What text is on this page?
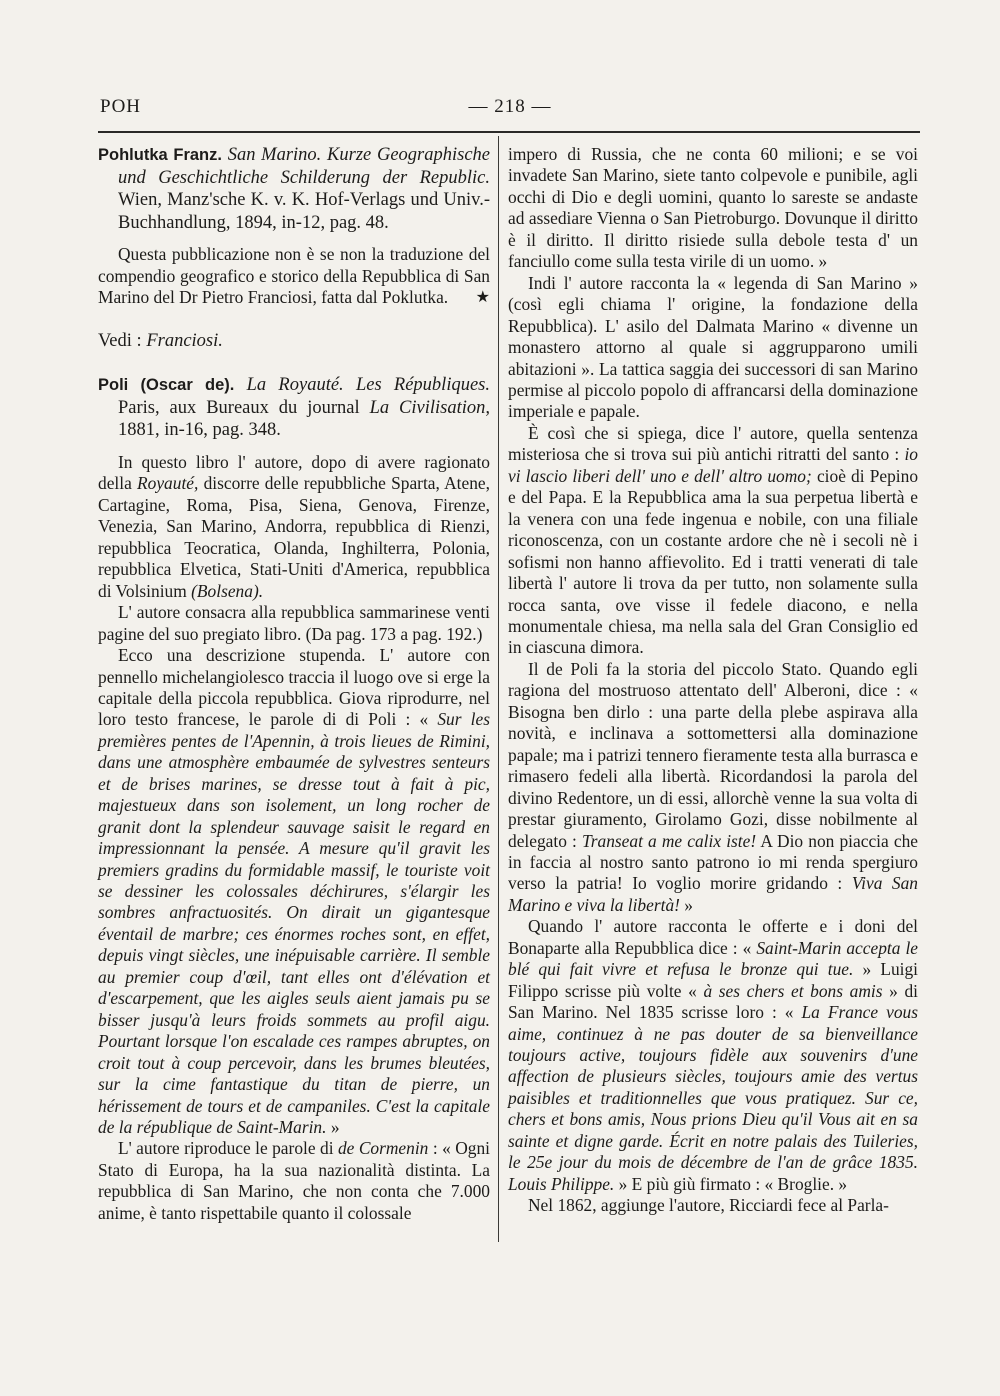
POH	— 218 —

Pohlutka Franz. San Marino. Kurze Geographische und Geschichtliche Schilderung der Republic. Wien, Manz'sche K. v. K. Hof-Verlags und Univ.-Buchhandlung, 1894, in-12, pag. 48.

Questa pubblicazione non è se non la traduzione del compendio geografico e storico della Repubblica di San Marino del Dr Pietro Franciosi, fatta dal Poklutka.	★

Vedi : Franciosi.

Poli (Oscar de). La Royauté. Les Républiques. Paris, aux Bureaux du journal La Civilisation, 1881, in-16, pag. 348.

In questo libro l' autore, dopo di avere ragionato della Royauté, discorre delle repubbliche Sparta, Atene, Cartagine, Roma, Pisa, Siena, Genova, Firenze, Venezia, San Marino, Andorra, repubblica di Rienzi, repubblica Teocratica, Olanda, Inghilterra, Polonia, repubblica Elvetica, Stati-Uniti d'America, repubblica di Volsinium (Bolsena).

L' autore consacra alla repubblica sammarinese venti pagine del suo pregiato libro. (Da pag. 173 a pag. 192.)

Ecco una descrizione stupenda. L' autore con pennello michelangiolesco traccia il luogo ove si erge la capitale della piccola repubblica. Giova riprodurre, nel loro testo francese, le parole di di Poli : « Sur les premières pentes de l'Apennin, à trois lieues de Rimini, dans une atmosphère embaumée de sylvestres senteurs et de brises marines, se dresse tout à fait à pic, majestueux dans son isolement, un long rocher de granit dont la splendeur sauvage saisit le regard en impressionnant la pensée. A mesure qu'il gravit les premiers gradins du formidable massif, le touriste voit se dessiner les colossales déchirures, s'élargir les sombres anfractuosités. On dirait un gigantesque éventail de marbre; ces énormes roches sont, en effet, depuis vingt siècles, une inépuisable carrière. Il semble au premier coup d'œil, tant elles ont d'élévation et d'escarpement, que les aigles seuls aient jamais pu se bisser jusqu'à leurs froids sommets au profil aigu. Pourtant lorsque l'on escalade ces rampes abruptes, on croit tout à coup percevoir, dans les brumes bleutées, sur la cime fantastique du titan de pierre, un hérissement de tours et de campaniles. C'est la capitale de la république de Saint-Marin. »

L' autore riproduce le parole di de Cormenin : « Ogni Stato di Europa, ha la sua nazionalità distinta. La repubblica di San Marino, che non conta che 7.000 anime, è tanto rispettabile quanto il colossale

impero di Russia, che ne conta 60 milioni; e se voi invadete San Marino, siete tanto colpevole e punibile, agli occhi di Dio e degli uomini, quanto lo sareste se andaste ad assediare Vienna o San Pietroburgo. Dovunque il diritto è il diritto. Il diritto risiede sulla debole testa d' un fanciullo come sulla testa virile di un uomo. »

Indi l' autore racconta la « legenda di San Marino » (così egli chiama l' origine, la fondazione della Repubblica). L' asilo del Dalmata Marino « divenne un monastero attorno al quale si aggrupparono umili abitazioni ». La tattica saggia dei successori di san Marino permise al piccolo popolo di affrancarsi della dominazione imperiale e papale.

È così che si spiega, dice l' autore, quella sentenza misteriosa che si trova sui più antichi ritratti del santo : io vi lascio liberi dell' uno e dell' altro uomo; cioè di Pepino e del Papa. E la Repubblica ama la sua perpetua libertà e la venera con una fede ingenua e nobile, con una filiale riconoscenza, con un costante ardore che nè i secoli nè i sofismi non hanno affievolito. Ed i tratti venerati di tale libertà l' autore li trova da per tutto, non solamente sulla rocca santa, ove visse il fedele diacono, e nella monumentale chiesa, ma nella sala del Gran Consiglio ed in ciascuna dimora.

Il de Poli fa la storia del piccolo Stato. Quando egli ragiona del mostruoso attentato dell' Alberoni, dice : « Bisogna ben dirlo : una parte della plebe aspirava alla novità, e inclinava a sottomettersi alla dominazione papale; ma i patrizi tennero fieramente testa alla burrasca e rimasero fedeli alla libertà. Ricordandosi la parola del divino Redentore, un di essi, allorchè venne la sua volta di prestar giuramento, Girolamo Gozi, disse nobilmente al delegato : Transeat a me calix iste! A Dio non piaccia che in faccia al nostro santo patrono io mi renda spergiuro verso la patria! Io voglio morire gridando : Viva San Marino e viva la libertà! »

Quando l' autore racconta le offerte e i doni del Bonaparte alla Repubblica dice : « Saint-Marin accepta le blé qui fait vivre et refusa le bronze qui tue. » Luigi Filippo scrisse più volte « à ses chers et bons amis » di San Marino. Nel 1835 scrisse loro : « La France vous aime, continuez à ne pas douter de sa bienveillance toujours active, toujours fidèle aux souvenirs d'une affection de plusieurs siècles, toujours amie des vertus paisibles et traditionnelles que vous pratiquez. Sur ce, chers et bons amis, Nous prions Dieu qu'il Vous ait en sa sainte et digne garde. Écrit en notre palais des Tuileries, le 25e jour du mois de décembre de l'an de grâce 1835. Louis Philippe. » E più giù firmato : « Broglie. »

Nel 1862, aggiunge l'autore, Ricciardi fece al Parla-
